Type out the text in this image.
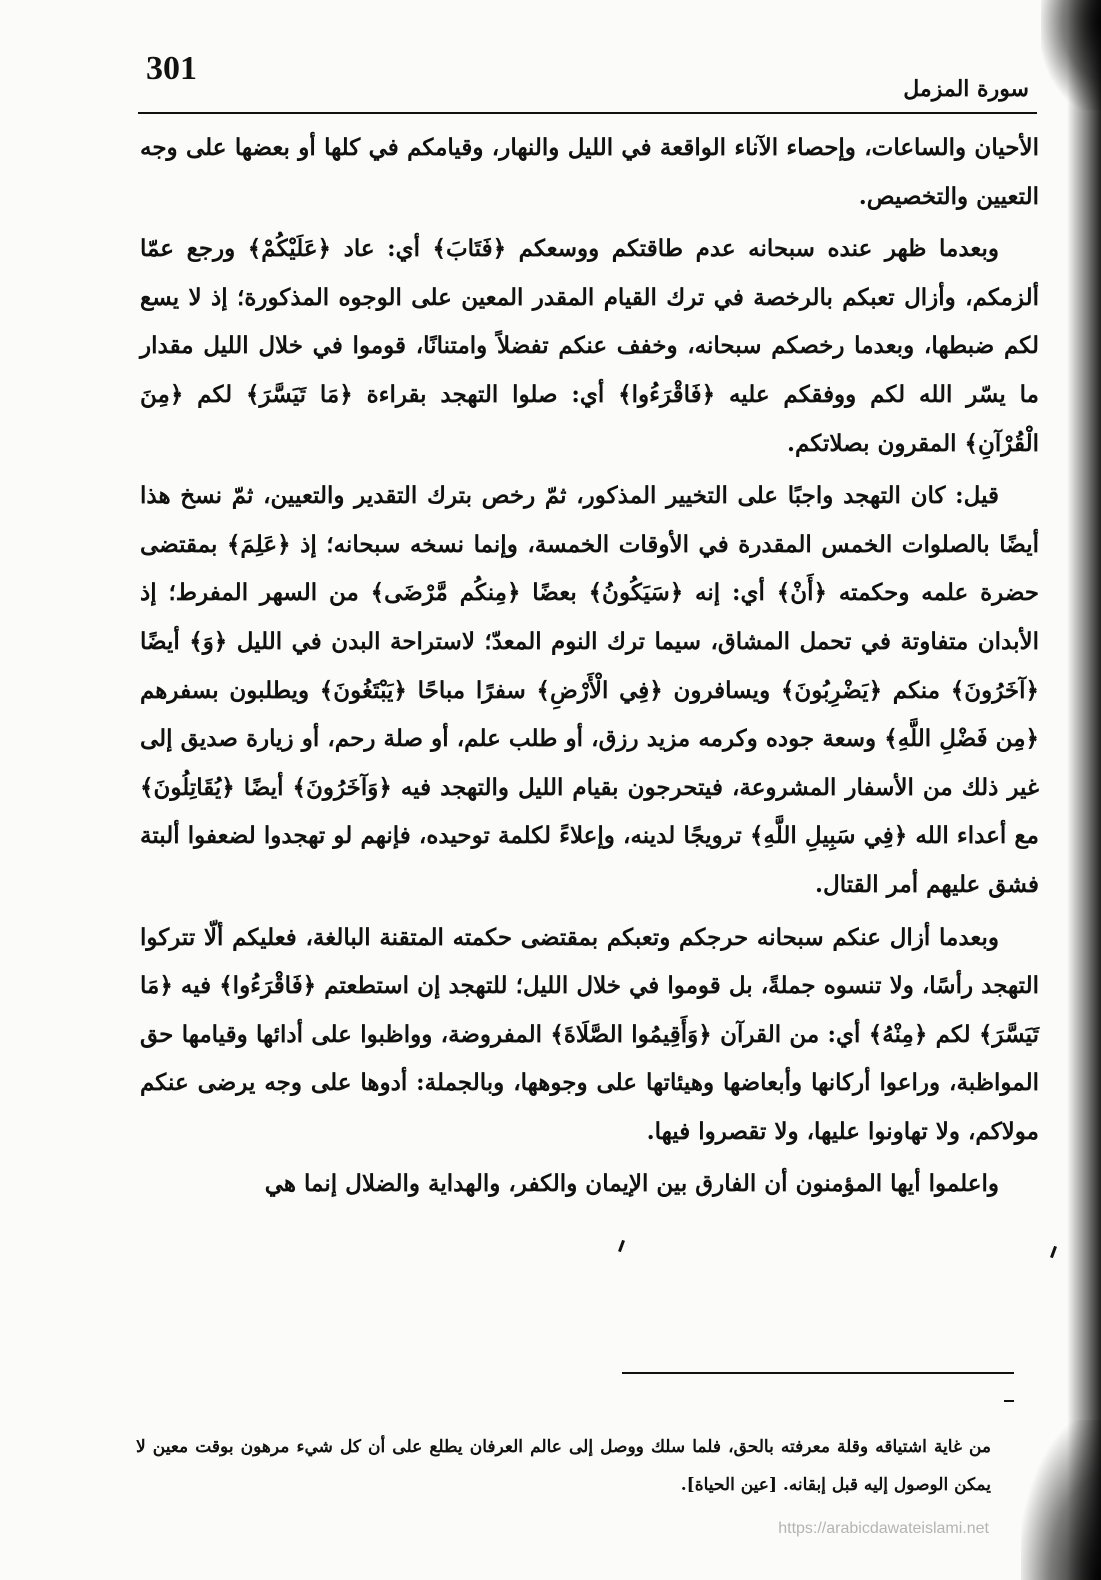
301
سورة المزمل

الأحيان والساعات، وإحصاء الآناء الواقعة في الليل والنهار، وقيامكم في كلها أو بعضها على وجه التعيين والتخصيص.

وبعدما ظهر عنده سبحانه عدم طاقتكم ووسعكم ﴿فَتَابَ﴾ أي: عاد ﴿عَلَيْكُمْ﴾ ورجع عمّا ألزمكم، وأزال تعبكم بالرخصة في ترك القيام المقدر المعين على الوجوه المذكورة؛ إذ لا يسع لكم ضبطها، وبعدما رخصكم سبحانه، وخفف عنكم تفضلاً وامتنانًا، قوموا في خلال الليل مقدار ما يسّر الله لكم ووفقكم عليه ﴿فَاقْرَءُوا﴾ أي: صلوا التهجد بقراءة ﴿مَا تَيَسَّرَ﴾ لكم ﴿مِنَ الْقُرْآنِ﴾ المقرون بصلاتكم.

قيل: كان التهجد واجبًا على التخيير المذكور، ثمّ رخص بترك التقدير والتعيين، ثمّ نسخ هذا أيضًا بالصلوات الخمس المقدرة في الأوقات الخمسة، وإنما نسخه سبحانه؛ إذ ﴿عَلِمَ﴾ بمقتضى حضرة علمه وحكمته ﴿أَنْ﴾ أي: إنه ﴿سَيَكُونُ﴾ بعضًا ﴿مِنكُم مَّرْضَى﴾ من السهر المفرط؛ إذ الأبدان متفاوتة في تحمل المشاق، سيما ترك النوم المعدّ؛ لاستراحة البدن في الليل ﴿وَ﴾ أيضًا ﴿آخَرُونَ﴾ منكم ﴿يَضْرِبُونَ﴾ ويسافرون ﴿فِي الْأَرْضِ﴾ سفرًا مباحًا ﴿يَبْتَغُونَ﴾ ويطلبون بسفرهم ﴿مِن فَضْلِ اللَّهِ﴾ وسعة جوده وكرمه مزيد رزق، أو طلب علم، أو صلة رحم، أو زيارة صديق إلى غير ذلك من الأسفار المشروعة، فيتحرجون بقيام الليل والتهجد فيه ﴿وَآخَرُونَ﴾ أيضًا ﴿يُقَاتِلُونَ﴾ مع أعداء الله ﴿فِي سَبِيلِ اللَّهِ﴾ ترويجًا لدينه، وإعلاءً لكلمة توحيده، فإنهم لو تهجدوا لضعفوا ألبتة فشق عليهم أمر القتال.

وبعدما أزال عنكم سبحانه حرجكم وتعبكم بمقتضى حكمته المتقنة البالغة، فعليكم ألّا تتركوا التهجد رأسًا، ولا تنسوه جملةً، بل قوموا في خلال الليل؛ للتهجد إن استطعتم ﴿فَاقْرَءُوا﴾ فيه ﴿مَا تَيَسَّرَ﴾ لكم ﴿مِنْهُ﴾ أي: من القرآن ﴿وَأَقِيمُوا الصَّلَاةَ﴾ المفروضة، وواظبوا على أدائها وقيامها حق المواظبة، وراعوا أركانها وأبعاضها وهيئاتها على وجوهها، وبالجملة: أدوها على وجه يرضى عنكم مولاكم، ولا تهاونوا عليها، ولا تقصروا فيها.

واعلموا أيها المؤمنون أن الفارق بين الإيمان والكفر، والهداية والضلال إنما هي

من غاية اشتياقه وقلة معرفته بالحق، فلما سلك ووصل إلى عالم العرفان يطلع على أن كل شيء مرهون بوقت معين لا يمكن الوصول إليه قبل إبقانه. [عين الحياة].
https://arabicdawateislami.net
